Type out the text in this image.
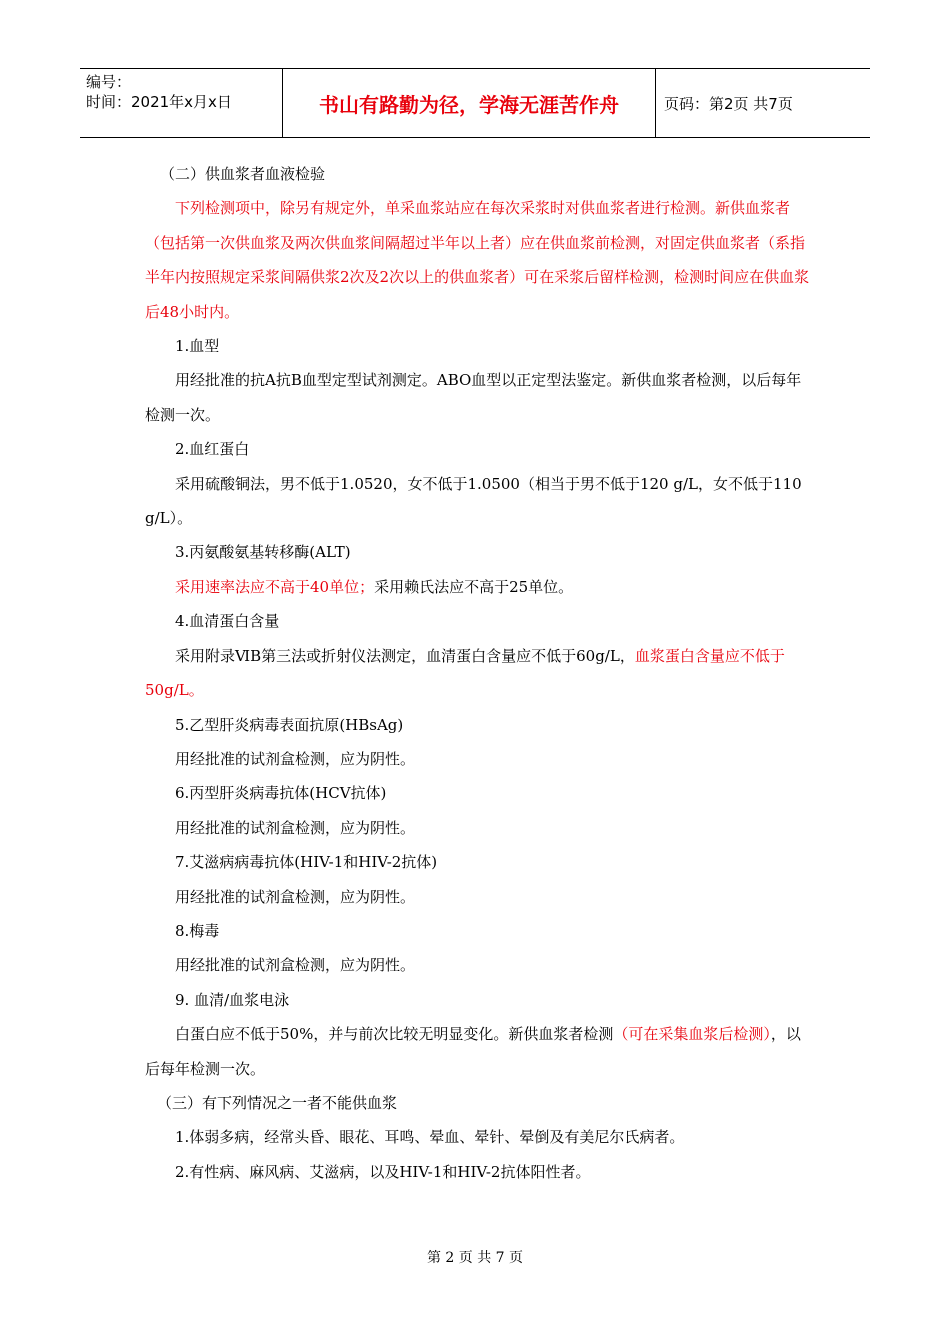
编号：
时间：2021年x月x日	书山有路勤为径，学海无涯苦作舟	页码：第2页 共7页

（二）供血浆者血液检验

下列检测项中，除另有规定外，单采血浆站应在每次采浆时对供血浆者进行检测。新供血浆者（包括第一次供血浆及两次供血浆间隔超过半年以上者）应在供血浆前检测，对固定供血浆者（系指半年内按照规定采浆间隔供浆2次及2次以上的供血浆者）可在采浆后留样检测，检测时间应在供血浆后48小时内。

1.血型

用经批准的抗A抗B血型定型试剂测定。ABO血型以正定型法鉴定。新供血浆者检测，以后每年检测一次。

2.血红蛋白

采用硫酸铜法，男不低于1.0520，女不低于1.0500（相当于男不低于120 g/L，女不低于110 g/L）。

3.丙氨酸氨基转移酶(ALT)

采用速率法应不高于40单位；采用赖氏法应不高于25单位。

4.血清蛋白含量

采用附录ⅥB第三法或折射仪法测定，血清蛋白含量应不低于60g/L，血浆蛋白含量应不低于50g/L。

5.乙型肝炎病毒表面抗原(HBsAg)

用经批准的试剂盒检测，应为阴性。

6.丙型肝炎病毒抗体(HCV抗体)

用经批准的试剂盒检测，应为阴性。

7.艾滋病病毒抗体(HIV-1和HIV-2抗体)

用经批准的试剂盒检测，应为阴性。

8.梅毒

用经批准的试剂盒检测，应为阴性。

9. 血清/血浆电泳

白蛋白应不低于50%，并与前次比较无明显变化。新供血浆者检测（可在采集血浆后检测），以后每年检测一次。

（三）有下列情况之一者不能供血浆

1.体弱多病，经常头昏、眼花、耳鸣、晕血、晕针、晕倒及有美尼尔氏病者。

2.有性病、麻风病、艾滋病，以及HIV-1和HIV-2抗体阳性者。

第 2 页 共 7 页
